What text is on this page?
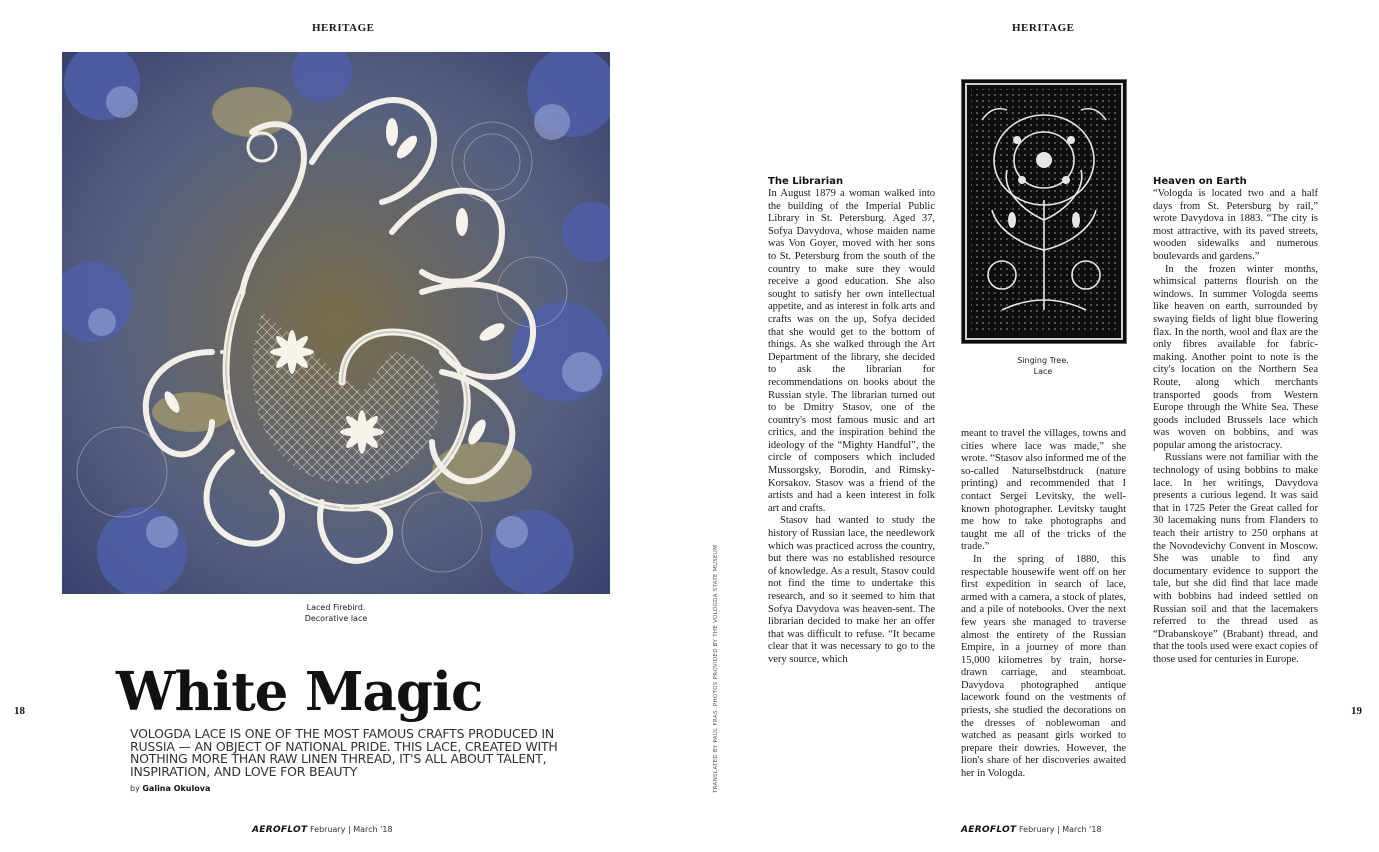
HERITAGE
Laced Firebird.
Decorative lace
White Magic
VOLOGDA LACE IS ONE OF THE MOST FAMOUS CRAFTS PRODUCED IN RUSSIA — AN OBJECT OF NATIONAL PRIDE. THIS LACE, CREATED WITH NOTHING MORE THAN RAW LINEN THREAD, IT'S ALL ABOUT TALENT, INSPIRATION, AND LOVE FOR BEAUTY
by Galina Okulova
18
AEROFLOT February | March '18
TRANSLATED BY PAUL FRAS. PHOTOS PROVIDED BY THE VOLOGDA STATE MUSEUM
HERITAGE
Singing Tree.
Lace
The Librarian

In August 1879 a woman walked into the building of the Imperial Public Library in St. Petersburg. Aged 37, Sofya Davydova, whose maiden name was Von Goyer, moved with her sons to St. Petersburg from the south of the country to make sure they would receive a good education. She also sought to satisfy her own intellectual appetite, and as interest in folk arts and crafts was on the up, Sofya decided that she would get to the bottom of things. As she walked through the Art Department of the library, she decided to ask the librarian for recommendations on books about the Russian style. The librarian turned out to be Dmitry Stasov, one of the country's most famous music and art critics, and the inspiration behind the ideology of the “Mighty Handful”, the circle of composers which included Mussorgsky, Borodin, and Rimsky-Korsakov. Stasov was a friend of the artists and had a keen interest in folk art and crafts.

Stasov had wanted to study the history of Russian lace, the needlework which was practiced across the country, but there was no established resource of knowledge. As a result, Stasov could not find the time to undertake this research, and so it seemed to him that Sofya Davydova was heaven-sent. The librarian decided to make her an offer that was difficult to refuse. “It became clear that it was necessary to go to the very source, which

meant to travel the villages, towns and cities where lace was made,” she wrote. “Stasov also informed me of the so-called Naturselbstdruck (nature printing) and recommended that I contact Sergei Levitsky, the well-known photographer. Levitsky taught me how to take photographs and taught me all of the tricks of the trade.”

In the spring of 1880, this respectable housewife went off on her first expedition in search of lace, armed with a camera, a stock of plates, and a pile of notebooks. Over the next few years she managed to traverse almost the entirety of the Russian Empire, in a journey of more than 15,000 kilometres by train, horse-drawn carriage, and steamboat. Davydova photographed antique lacework found on the vestments of priests, she studied the decorations on the dresses of noblewoman and watched as peasant girls worked to prepare their dowries. However, the lion's share of her discoveries awaited her in Vologda.

Heaven on Earth

“Vologda is located two and a half days from St. Petersburg by rail,” wrote Davydova in 1883. “The city is most attractive, with its paved streets, wooden sidewalks and numerous boulevards and gardens.”

In the frozen winter months, whimsical patterns flourish on the windows. In summer Vologda seems like heaven on earth, surrounded by swaying fields of light blue flowering flax. In the north, wool and flax are the only fibres available for fabric-making. Another point to note is the city's location on the Northern Sea Route, along which merchants transported goods from Western Europe through the White Sea. These goods included Brussels lace which was woven on bobbins, and was popular among the aristocracy.

Russians were not familiar with the technology of using bobbins to make lace. In her writings, Davydova presents a curious legend. It was said that in 1725 Peter the Great called for 30 lacemaking nuns from Flanders to teach their artistry to 250 orphans at the Novodevichy Convent in Moscow. She was unable to find any documentary evidence to support the tale, but she did find that lace made with bobbins had indeed settled on Russian soil and that the lacemakers referred to the thread used as “Drabanskoye” (Brabant) thread, and that the tools used were exact copies of those used for centuries in Europe.

19
AEROFLOT February | March '18
